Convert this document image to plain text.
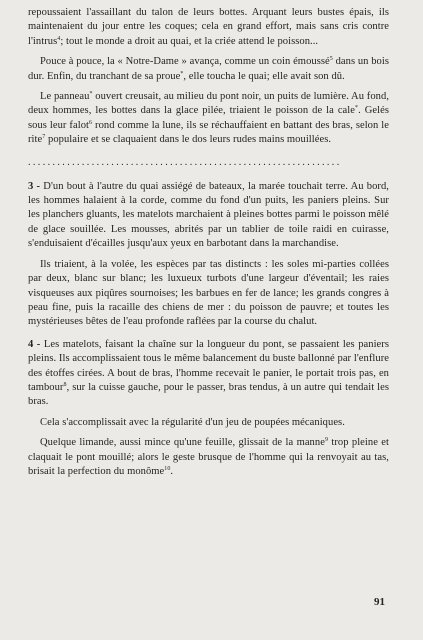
repoussaient l'assaillant du talon de leurs bottes. Arquant leurs bustes épais, ils maintenaient du jour entre les coques; cela en grand effort, mais sans cris contre l'intrus$^4$; tout le monde a droit au quai, et la criée attend le poisson...

Pouce à pouce, la « Notre-Dame » avança, comme un coin émoussé$^5$ dans un bois dur. Enfin, du tranchant de sa proue*, elle toucha le quai; elle avait son dû.

Le panneau* ouvert creusait, au milieu du pont noir, un puits de lumière. Au fond, deux hommes, les bottes dans la glace pilée, triaient le poisson de la cale*. Gelés sous leur falot$^6$ rond comme la lune, ils se réchauffaient en battant des bras, selon le rite$^7$ populaire et se claquaient dans le dos leurs rudes mains mouillées.

................................................................

3 - D'un bout à l'autre du quai assiégé de bateaux, la marée touchait terre. Au bord, les hommes halaient à la corde, comme du fond d'un puits, les paniers pleins. Sur les planchers gluants, les matelots marchaient à pleines bottes parmi le poisson mêlé de glace souillée. Les mousses, abrités par un tablier de toile raidi en cuirasse, s'enduisaient d'écailles jusqu'aux yeux en barbotant dans la marchandise.

Ils triaient, à la volée, les espèces par tas distincts : les soles mi-parties collées par deux, blanc sur blanc; les luxueux turbots d'une largeur d'éventail; les raies visqueuses aux piqûres sournoises; les barbues en fer de lance; les grands congres à peau fine, puis la racaille des chiens de mer : du poisson de pauvre; et toutes les mystérieuses bêtes de l'eau profonde raflées par la course du chalut.

4 - Les matelots, faisant la chaîne sur la longueur du pont, se passaient les paniers pleins. Ils accomplissaient tous le même balancement du buste ballonné par l'enflure des étoffes cirées. A bout de bras, l'homme recevait le panier, le portait trois pas, en tambour$^8$, sur la cuisse gauche, pour le passer, bras tendus, à un autre qui tendait les bras.

Cela s'accomplissait avec la régularité d'un jeu de poupées mécaniques.

Quelque limande, aussi mince qu'une feuille, glissait de la manne$^9$ trop pleine et claquait le pont mouillé; alors le geste brusque de l'homme qui la renvoyait au tas, brisait la perfection du monôme$^{10}$.

91
